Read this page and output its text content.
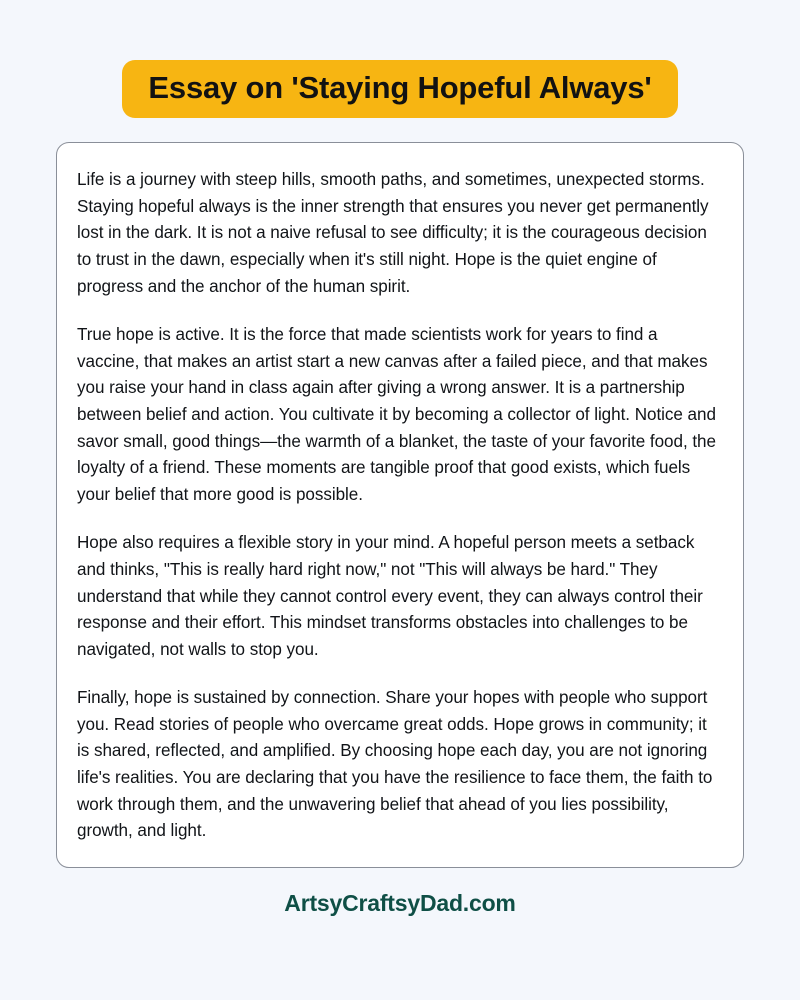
Essay on 'Staying Hopeful Always'

Life is a journey with steep hills, smooth paths, and sometimes, unexpected storms. Staying hopeful always is the inner strength that ensures you never get permanently lost in the dark. It is not a naive refusal to see difficulty; it is the courageous decision to trust in the dawn, especially when it's still night. Hope is the quiet engine of progress and the anchor of the human spirit.

True hope is active. It is the force that made scientists work for years to find a vaccine, that makes an artist start a new canvas after a failed piece, and that makes you raise your hand in class again after giving a wrong answer. It is a partnership between belief and action. You cultivate it by becoming a collector of light. Notice and savor small, good things—the warmth of a blanket, the taste of your favorite food, the loyalty of a friend. These moments are tangible proof that good exists, which fuels your belief that more good is possible.

Hope also requires a flexible story in your mind. A hopeful person meets a setback and thinks, "This is really hard right now," not "This will always be hard." They understand that while they cannot control every event, they can always control their response and their effort. This mindset transforms obstacles into challenges to be navigated, not walls to stop you.

Finally, hope is sustained by connection. Share your hopes with people who support you. Read stories of people who overcame great odds. Hope grows in community; it is shared, reflected, and amplified. By choosing hope each day, you are not ignoring life's realities. You are declaring that you have the resilience to face them, the faith to work through them, and the unwavering belief that ahead of you lies possibility, growth, and light.

ArtsyCraftsyDad.com
